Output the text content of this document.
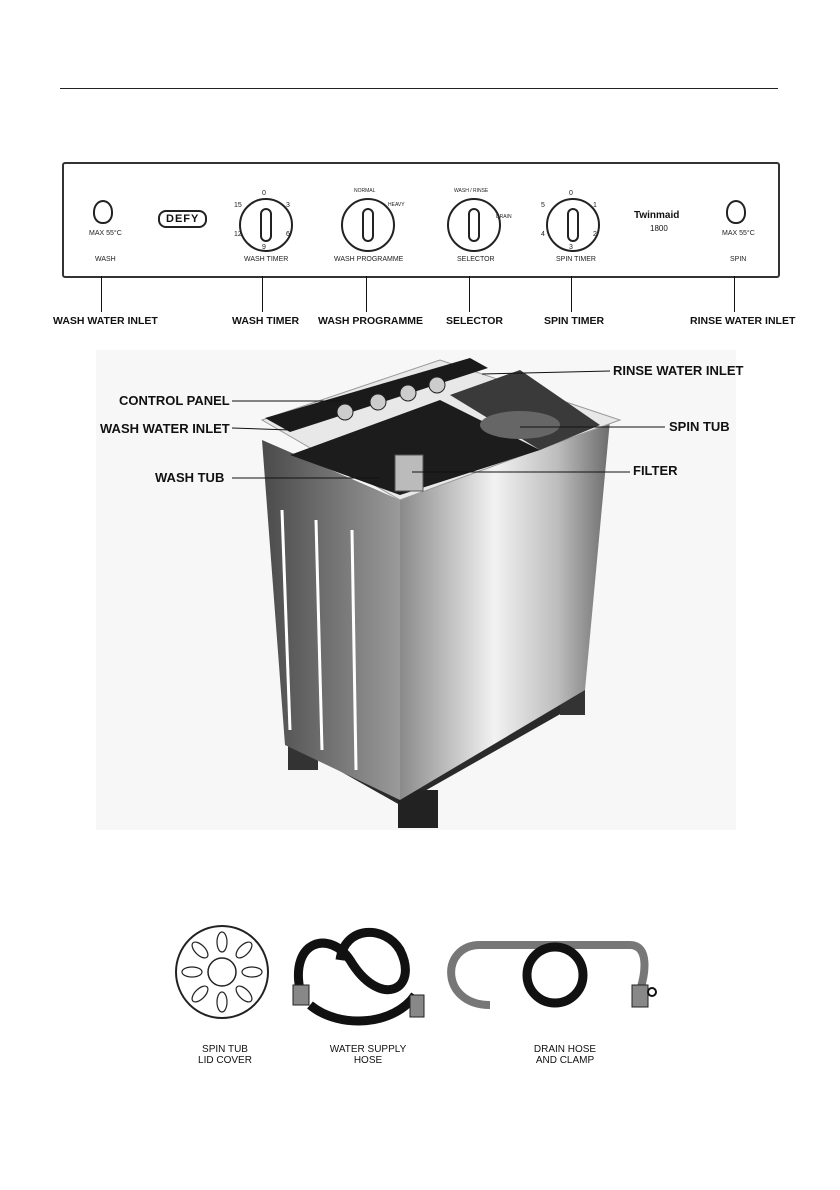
MAX 55°C
WASH
DEFY
0
3
6
9
12
15
WASH TIMER
NORMAL
HEAVY
WASH PROGRAMME
WASH / RINSE
DRAIN
SELECTOR
0
1
2
3
4
5
SPIN TIMER
Twinmaid
1800
MAX 55°C
SPIN
WASH WATER INLET	WASH TIMER WASH PROGRAMME SELECTOR	SPIN TIMER	RINSE WATER INLET
CONTROL PANEL
WASH WATER INLET
WASH TUB
RINSE WATER INLET
SPIN TUB
FILTER
SPIN TUB
LID COVER
WATER SUPPLY
HOSE
DRAIN HOSE
AND CLAMP
